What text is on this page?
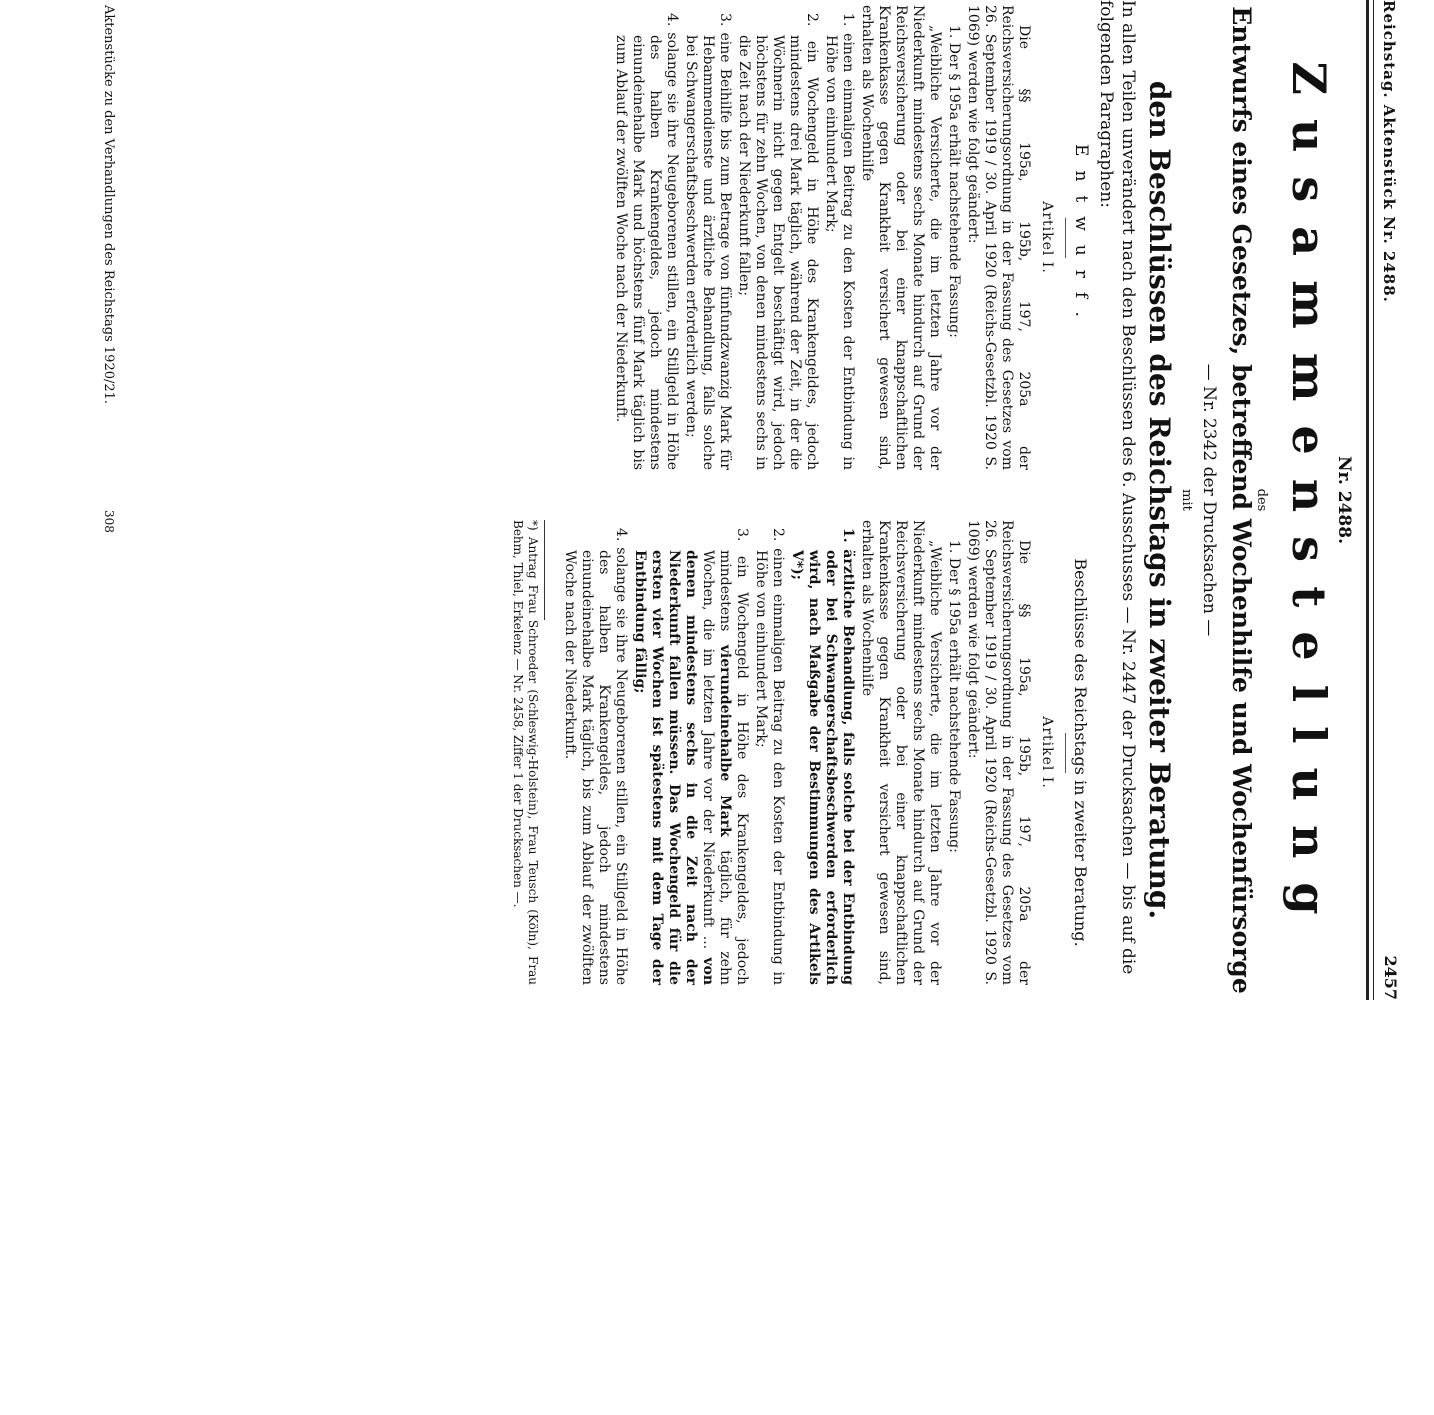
Reichstag. Aktenstück Nr. 2488.
2457
Nr. 2488.
Zusammenstellung
des
Entwurfs eines Gesetzes, betreffend Wochenhilfe und Wochenfürsorge
— Nr. 2342 der Drucksachen —
mit
den Beschlüssen des Reichstags in zweiter Beratung.
In allen Teilen unverändert nach den Beschlüssen des 6. Ausschusses — Nr. 2447 der Drucksachen — bis auf die folgenden Paragraphen:
Entwurf.
Artikel I.

Die §§ 195a, 195b, 197, 205a der Reichsversicherungsordnung in der Fassung des Gesetzes vom 26. September 1919 / 30. April 1920 (Reichs-Gesetzbl. 1920 S. 1069) werden wie folgt geändert:

1. Der § 195a erhält nachstehende Fassung:

„Weibliche Versicherte, die im letzten Jahre vor der Niederkunft mindestens sechs Monate hindurch auf Grund der Reichsversicherung oder bei einer knappschaftlichen Krankenkasse gegen Krankheit versichert gewesen sind, erhalten als Wochenhilfe

1. einen einmaligen Beitrag zu den Kosten der Entbindung in Höhe von einhundert Mark;

2. ein Wochengeld in Höhe des Krankengeldes, jedoch mindestens drei Mark täglich, während der Zeit, in der die Wöchnerin nicht gegen Entgelt beschäftigt wird, jedoch höchstens für zehn Wochen, von denen mindestens sechs in die Zeit nach der Niederkunft fallen;

3. eine Beihilfe bis zum Betrage von fünfundzwanzig Mark für Hebammendienste und ärztliche Behandlung, falls solche bei Schwangerschaftsbeschwerden erforderlich werden;

4. solange sie ihre Neugeborenen stillen, ein Stillgeld in Höhe des halben Krankengeldes, jedoch mindestens einundeinehalbe Mark und höchstens fünf Mark täglich bis zum Ablauf der zwölften Woche nach der Niederkunft.

Beschlüsse des Reichstags in zweiter Beratung.
Artikel I.

Die §§ 195a, 195b, 197, 205a der Reichsversicherungsordnung in der Fassung des Gesetzes vom 26. September 1919 / 30. April 1920 (Reichs-Gesetzbl. 1920 S. 1069) werden wie folgt geändert:

1. Der § 195a erhält nachstehende Fassung:

„Weibliche Versicherte, die im letzten Jahre vor der Niederkunft mindestens sechs Monate hindurch auf Grund der Reichsversicherung oder bei einer knappschaftlichen Krankenkasse gegen Krankheit versichert gewesen sind, erhalten als Wochenhilfe

1. ärztliche Behandlung, falls solche bei der Entbindung oder bei Schwangerschaftsbeschwerden erforderlich wird, nach Maßgabe der Bestimmungen des Artikels V*);

2. einen einmaligen Beitrag zu den Kosten der Entbindung in Höhe von einhundert Mark;

3. ein Wochengeld in Höhe des Krankengeldes, jedoch mindestens vierundeinehalbe Mark täglich, für zehn Wochen, die im letzten Jahre vor der Niederkunft ... von denen mindestens sechs in die Zeit nach der Niederkunft fallen müssen. Das Wochengeld für die ersten vier Wochen ist spätestens mit dem Tage der Entbindung fällig;

4. solange sie ihre Neugeborenen stillen, ein Stillgeld in Höhe des halben Krankengeldes, jedoch mindestens einundeinehalbe Mark täglich, bis zum Ablauf der zwölften Woche nach der Niederkunft.

*) Antrag Frau Schroeder (Schleswig-Holstein), Frau Teusch (Köln), Frau Behm, Thiel, Erkelenz — Nr. 2458, Ziffer 1 der Drucksachen —.
Aktenstücke zu den Verhandlungen des Reichstags 1920/21.
308
